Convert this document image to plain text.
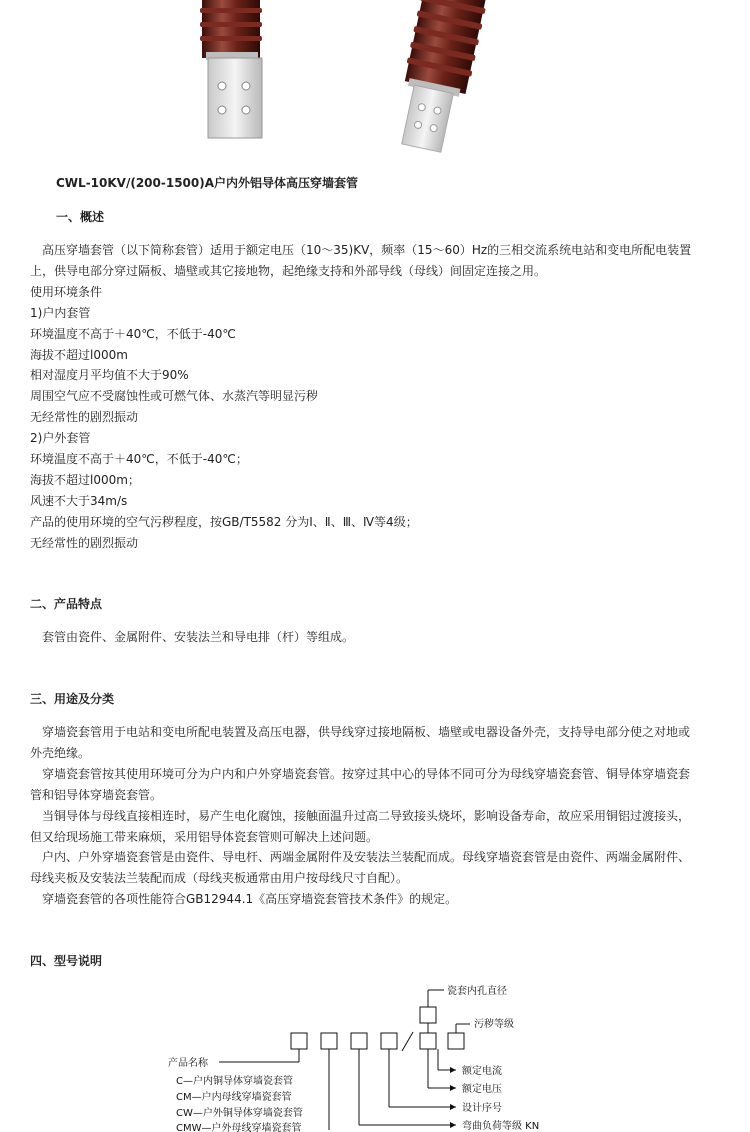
CWL-10KV/(200-1500)A户内外铝导体高压穿墙套管
一、概述
　高压穿墙套管（以下简称套管）适用于额定电压（10～35)KV，频率（15～60）Hz的三相交流系统电站和变电所配电装置
上，供导电部分穿过隔板、墙壁或其它接地物，起绝缘支持和外部导线（母线）间固定连接之用。
使用环境条件
1)户内套管
环境温度不高于＋40℃，不低于-40℃
海拔不超过l000m
相对湿度月平均值不大于90%
周围空气应不受腐蚀性或可燃气体、水蒸汽等明显污秽
无经常性的剧烈振动
2)户外套管
环境温度不高于＋40℃，不低于-40℃；
海拔不超过l000m；
风速不大于34m/s
产品的使用环境的空气污秽程度，按GB/T5582 分为Ⅰ、Ⅱ、Ⅲ、Ⅳ等4级；
无经常性的剧烈振动
二、产品特点
　套管由瓷件、金属附件、安装法兰和导电排（杆）等组成。
三、用途及分类
　穿墙瓷套管用于电站和变电所配电装置及高压电器，供导线穿过接地隔板、墙壁或电器设备外壳，支持导电部分使之对地或
外壳绝缘。
　穿墙瓷套管按其使用环境可分为户内和户外穿墙瓷套管。按穿过其中心的导体不同可分为母线穿墙瓷套管、铜导体穿墙瓷套
管和铝导体穿墙瓷套管。
　当铜导体与母线直接相连时，易产生电化腐蚀，接触面温升过高二导致接头烧坏，影响设备寿命，故应采用铜铝过渡接头，
但又给现场施工带来麻烦，采用铝导体瓷套管则可解决上述问题。
　户内、户外穿墙瓷套管是由瓷件、导电杆、两端金属附件及安装法兰装配而成。母线穿墙瓷套管是由瓷件、两端金属附件、
母线夹板及安装法兰装配而成（母线夹板通常由用户按母线尺寸自配）。
　穿墙瓷套管的各项性能符合GB12944.1《高压穿墙瓷套管技术条件》的规定。
四、型号说明
瓷套内孔直径
污秽等级
额定电流
额定电压
设计序号
弯曲负荷等级 KN
产品名称
C—户内铜导体穿墙瓷套管
CM—户内母线穿墙瓷套管
CW—户外铜导体穿墙瓷套管
CMW—户外母线穿墙瓷套管
